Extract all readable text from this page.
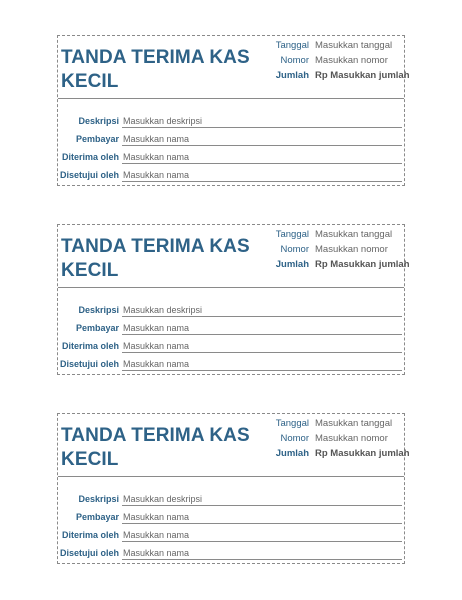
TANDA TERIMA KAS KECIL
Tanggal Masukkan tanggal
Nomor Masukkan nomor
Jumlah Rp Masukkan jumlah
Deskripsi Masukkan deskripsi
Pembayar Masukkan nama
Diterima oleh Masukkan nama
Disetujui oleh Masukkan nama
TANDA TERIMA KAS KECIL
Tanggal Masukkan tanggal
Nomor Masukkan nomor
Jumlah Rp Masukkan jumlah
Deskripsi Masukkan deskripsi
Pembayar Masukkan nama
Diterima oleh Masukkan nama
Disetujui oleh Masukkan nama
TANDA TERIMA KAS KECIL
Tanggal Masukkan tanggal
Nomor Masukkan nomor
Jumlah Rp Masukkan jumlah
Deskripsi Masukkan deskripsi
Pembayar Masukkan nama
Diterima oleh Masukkan nama
Disetujui oleh Masukkan nama
